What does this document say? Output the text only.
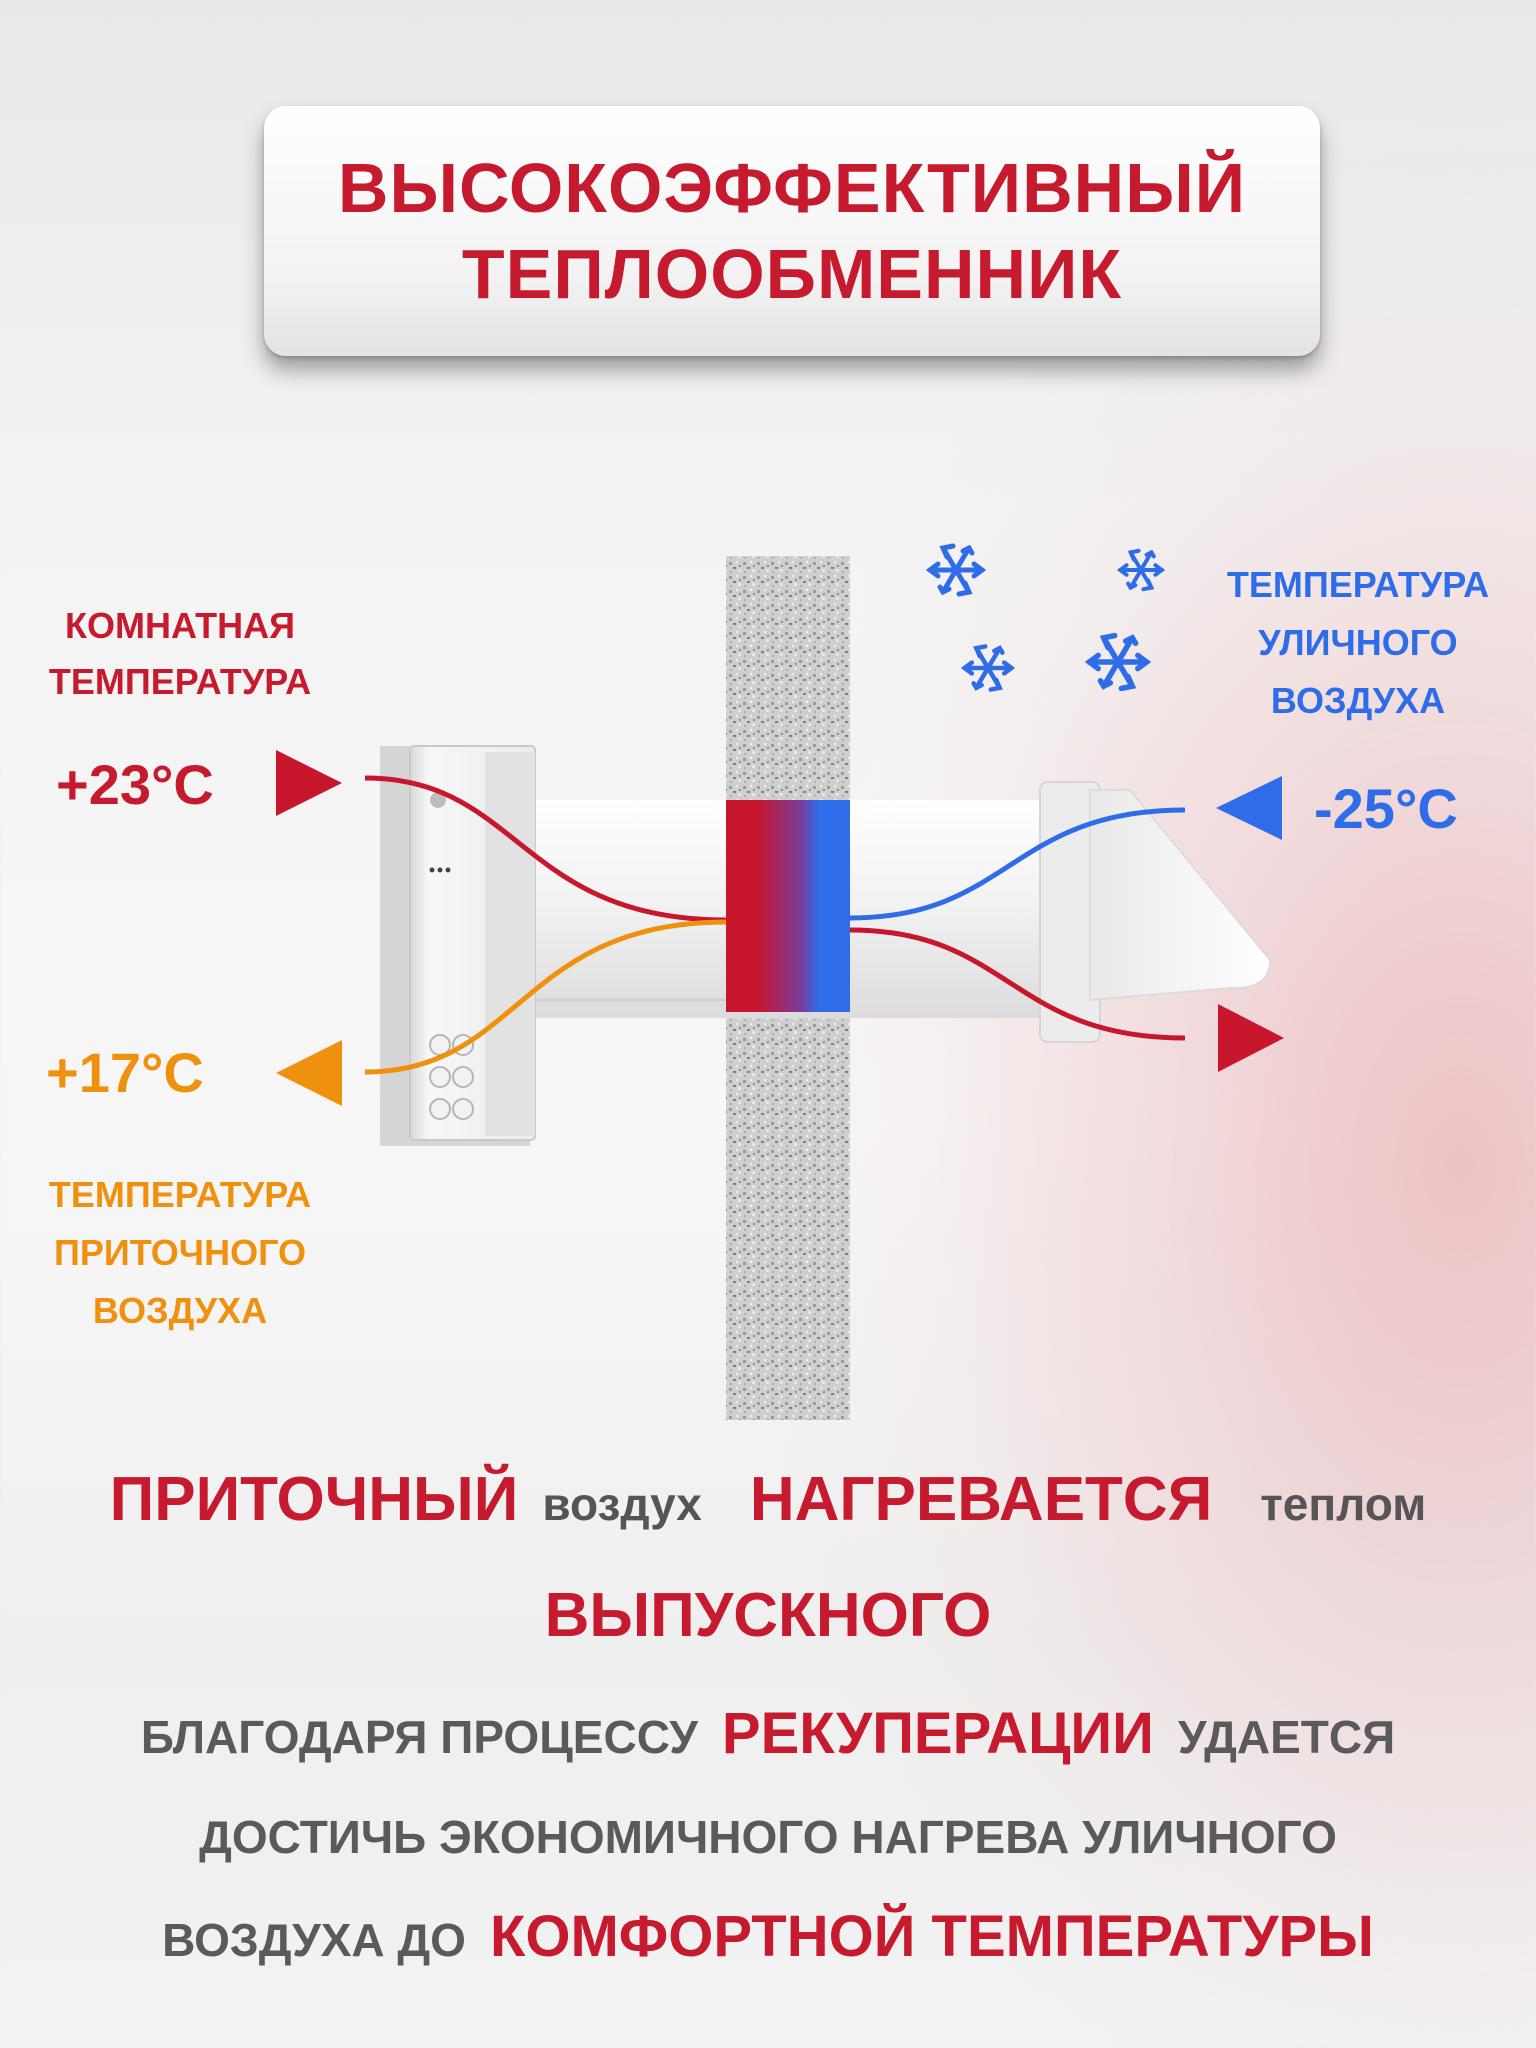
ВЫСОКОЭФФЕКТИВНЫЙ
ТЕПЛООБМЕННИК
КОМНАТНАЯ
ТЕМПЕРАТУРА
+23°C
ТЕМПЕРАТУРА
УЛИЧНОГО
ВОЗДУХА
-25°C
+17°C
ТЕМПЕРАТУРА
ПРИТОЧНОГО
ВОЗДУХА
ПРИТОЧНЫЙ воздух НАГРЕВАЕТСЯ теплом
ВЫПУСКНОГО
БЛАГОДАРЯ ПРОЦЕССУ РЕКУПЕРАЦИИ УДАЕТСЯ
ДОСТИЧЬ ЭКОНОМИЧНОГО НАГРЕВА УЛИЧНОГО
ВОЗДУХА ДО КОМФОРТНОЙ ТЕМПЕРАТУРЫ
